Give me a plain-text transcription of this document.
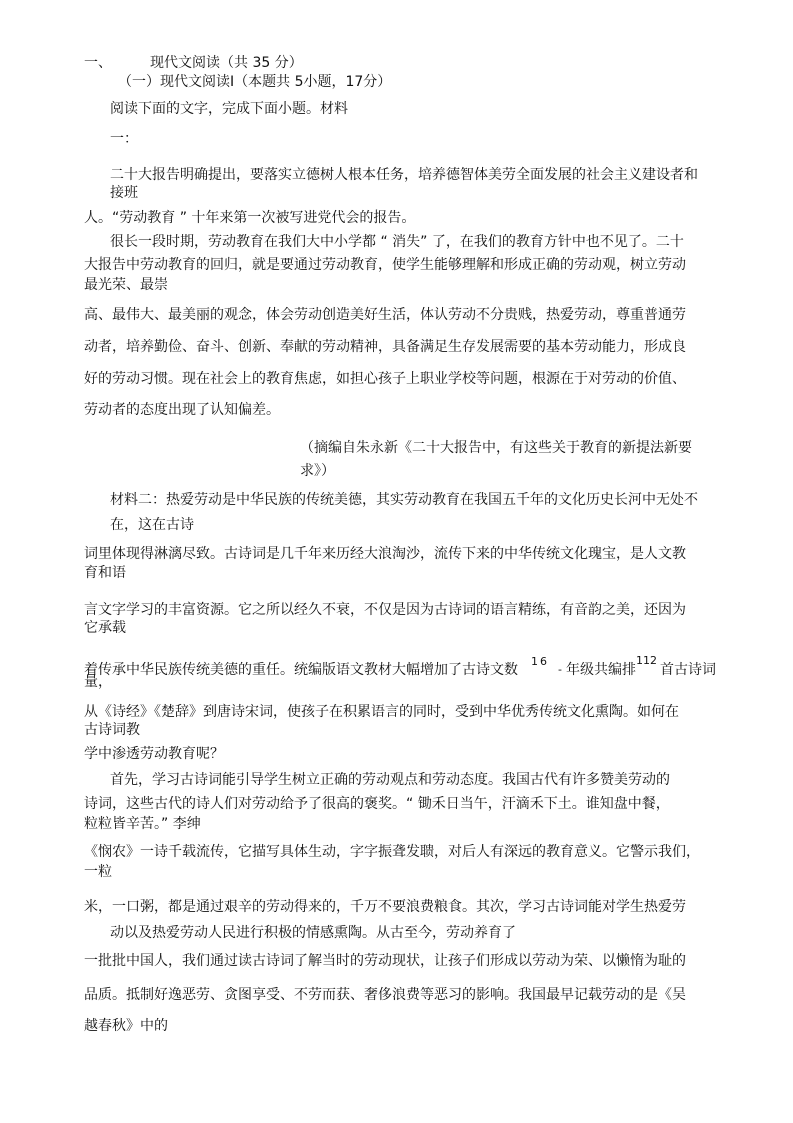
一、	现代文阅读（共 35 分）
（一）现代文阅读Ⅰ（本题共 5小题，17分）
阅读下面的文字，完成下面小题。材料
一：
二十大报告明确提出，要落实立德树人根本任务，培养德智体美劳全面发展的社会主义建设者和
接班
人。“劳动教育 ” 十年来第一次被写进党代会的报告。
很长一段时期，劳动教育在我们大中小学都 “ 消失” 了，在我们的教育方针中也不见了。二十
大报告中劳动教育的回归，就是要通过劳动教育，使学生能够理解和形成正确的劳动观，树立劳动
最光荣、最崇
高、最伟大、最美丽的观念，体会劳动创造美好生活，体认劳动不分贵贱，热爱劳动，尊重普通劳
动者，培养勤俭、奋斗、创新、奉献的劳动精神，具备满足生存发展需要的基本劳动能力，形成良
好的劳动习惯。现在社会上的教育焦虑，如担心孩子上职业学校等问题，根源在于对劳动的价值、
劳动者的态度出现了认知偏差。
（摘编自朱永新《二十大报告中，有这些关于教育的新提法新要
求》）
材料二：热爱劳动是中华民族的传统美德，其实劳动教育在我国五千年的文化历史长河中无处不
在，这在古诗
词里体现得淋漓尽致。古诗词是几千年来历经大浪淘沙，流传下来的中华传统文化瑰宝，是人文教
育和语
言文字学习的丰富资源。它之所以经久不衰，不仅是因为古诗词的语言精练，有音韵之美，还因为
它承载
着传承中华民族传统美德的重任。统编版语文教材大幅增加了古诗文数
1 6
- 年级共编排
112
首古诗词
量，
从《诗经》《楚辞》到唐诗宋词，使孩子在积累语言的同时，受到中华优秀传统文化熏陶。如何在
古诗词教
学中渗透劳动教育呢？
首先，学习古诗词能引导学生树立正确的劳动观点和劳动态度。我国古代有许多赞美劳动的
诗词，这些古代的诗人们对劳动给予了很高的褒奖。“ 锄禾日当午，汗滴禾下土。谁知盘中餐，
粒粒皆辛苦。” 李绅
《悯农》一诗千载流传，它描写具体生动，字字振聋发聩，对后人有深远的教育意义。它警示我们，
一粒
米，一口粥，都是通过艰辛的劳动得来的，千万不要浪费粮食。其次，学习古诗词能对学生热爱劳
动以及热爱劳动人民进行积极的情感熏陶。从古至今，劳动养育了
一批批中国人，我们通过读古诗词了解当时的劳动现状，让孩子们形成以劳动为荣、以懒惰为耻的
品质。抵制好逸恶劳、贪图享受、不劳而获、奢侈浪费等恶习的影响。我国最早记载劳动的是《吴
越春秋》中的
